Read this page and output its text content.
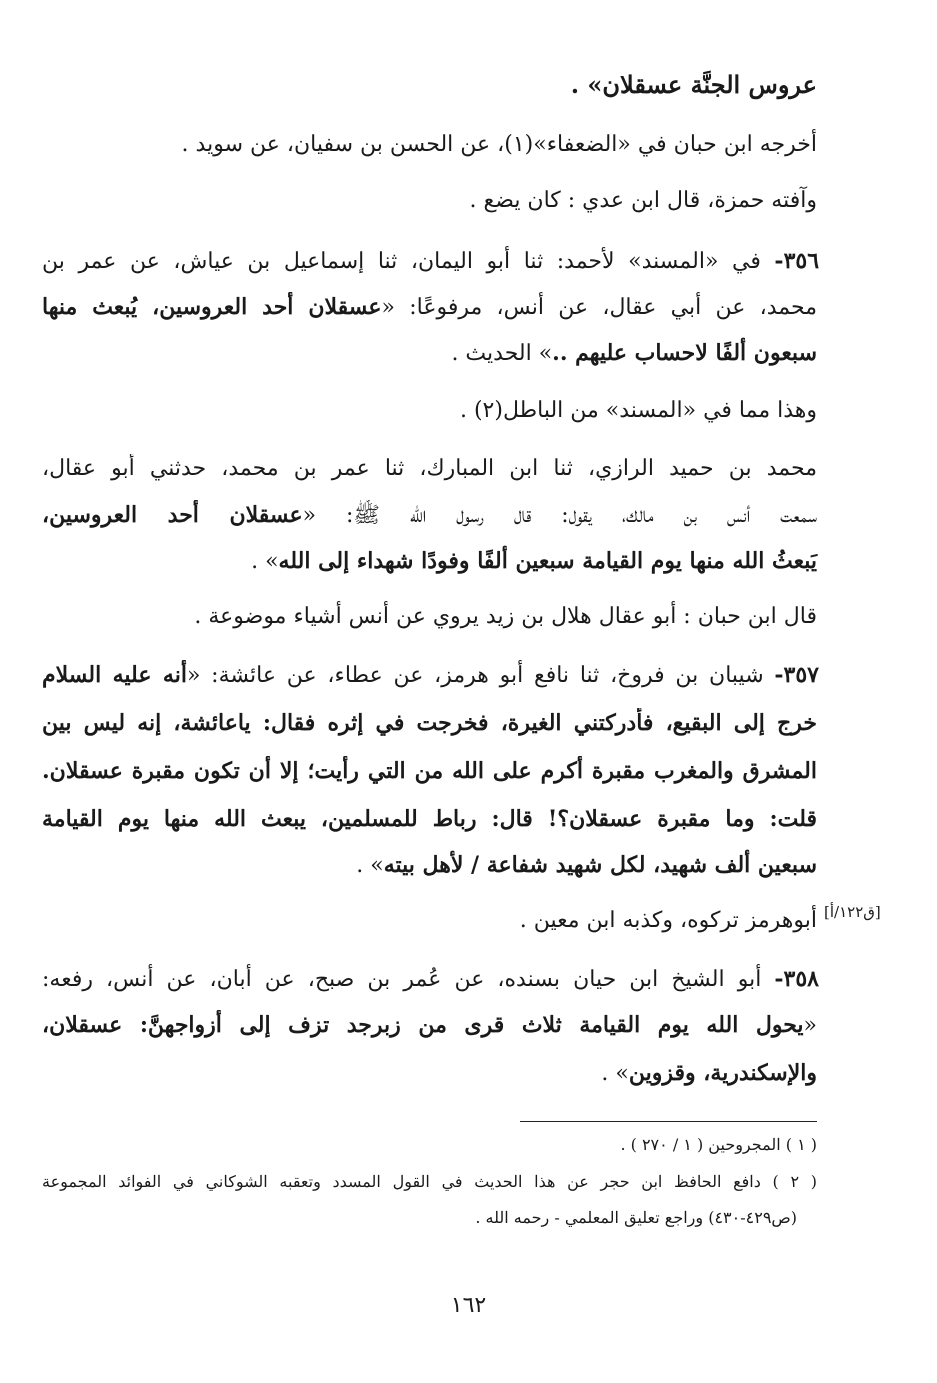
عروس الجنَّة عسقلان» .
أخرجه ابن حبان في «الضعفاء»(١)، عن الحسن بن سفيان، عن سويد .
وآفته حمزة، قال ابن عدي : كان يضع .
٣٥٦- في «المسند» لأحمد: ثنا أبو اليمان، ثنا إسماعيل بن عياش، عن عمر بن
محمد، عن أبي عقال، عن أنس، مرفوعًا: «عسقلان أحد العروسين، يُبعث منها
سبعون ألفًا لاحساب عليهم ..» الحديث .
وهذا مما في «المسند» من الباطل(٢) .
محمد بن حميد الرازي، ثنا ابن المبارك، ثنا عمر بن محمد، حدثني أبو عقال،
سمعت أنس بن مالك، يقول: قال رسول الله ﷺ: «عسقلان أحد العروسين،
يَبعثُ الله منها يوم القيامة سبعين ألفًا وفودًا شهداء إلى الله» .
قال ابن حبان : أبو عقال هلال بن زيد يروي عن أنس أشياء موضوعة .
٣٥٧- شيبان بن فروخ، ثنا نافع أبو هرمز، عن عطاء، عن عائشة: «أنه عليه السلام
خرج إلى البقيع، فأدركتني الغيرة، فخرجت في إثره فقال: ياعائشة، إنه ليس بين
المشرق والمغرب مقبرة أكرم على الله من التي رأيت؛ إلا أن تكون مقبرة عسقلان.
قلت: وما مقبرة عسقلان؟! قال: رباط للمسلمين، يبعث الله منها يوم القيامة
سبعين ألف شهيد، لكل شهيد شفاعة / لأهل بيته» .
[ق١٢٢/أ]
أبوهرمز تركوه، وكذبه ابن معين .
٣٥٨- أبو الشيخ ابن حيان بسنده، عن عُمر بن صبح، عن أبان، عن أنس، رفعه:
«يحول الله يوم القيامة ثلاث قرى من زبرجد تزف إلى أزواجهنَّ: عسقلان،
والإسكندرية، وقزوين» .
( ١ ) المجروحين ( ١ / ٢٧٠ ) .
( ٢ ) دافع الحافظ ابن حجر عن هذا الحديث في القول المسدد وتعقبه الشوكاني في الفوائد المجموعة
(ص٤٢٩-٤٣٠) وراجع تعليق المعلمي - رحمه الله .
١٦٢
